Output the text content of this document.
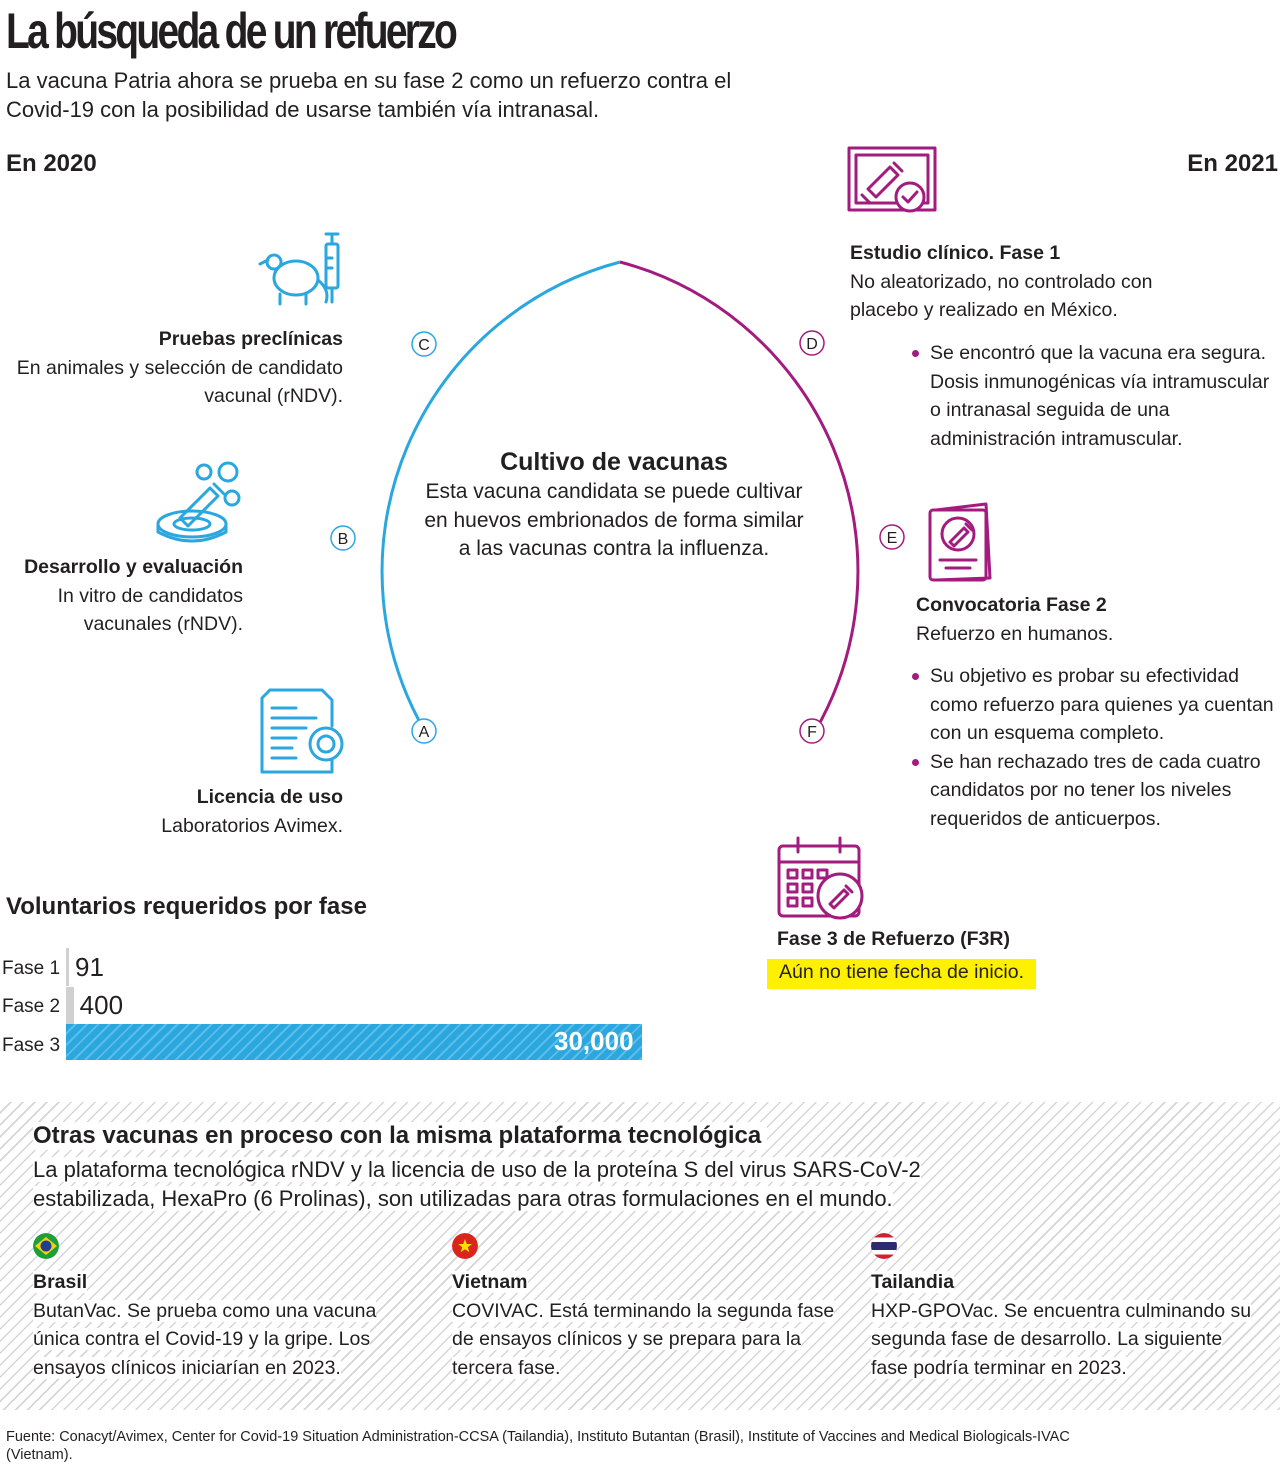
La búsqueda de un refuerzo
La vacuna Patria ahora se prueba en su fase 2 como un refuerzo contra el Covid-19 con la posibilidad de usarse también vía intranasal.
En 2020	En 2021
A
B
C	D
E
F
Cultivo de vacunas
Esta vacuna candidata se puede cultivar en huevos embrionados de forma similar a las vacunas contra la influenza.
Pruebas preclínicas
En animales y selección de candidato vacunal (rNDV).
Desarrollo y evaluación
In vitro de candidatos vacunales (rNDV).
Licencia de uso
Laboratorios Avimex.
Estudio clínico. Fase 1
No aleatorizado, no controlado con placebo y realizado en México.
Se encontró que la vacuna era segura. Dosis inmunogénicas vía intramuscular o intranasal seguida de una administración intramuscular.
Convocatoria Fase 2
Refuerzo en humanos.
Su objetivo es probar su efectividad como refuerzo para quienes ya cuentan con un esquema completo.
Se han rechazado tres de cada cuatro candidatos por no tener los niveles requeridos de anticuerpos.
Fase 3 de Refuerzo (F3R)
Aún no tiene fecha de inicio.
Voluntarios requeridos por fase
Fase 1
Fase 2
Fase 3
91
400
30,000
Otras vacunas en proceso con la misma plataforma tecnológica
La plataforma tecnológica rNDV y la licencia de uso de la proteína S del virus SARS-CoV-2 estabilizada, HexaPro (6 Prolinas), son utilizadas para otras formulaciones en el mundo.
Brasil
ButanVac. Se prueba como una vacuna única contra el Covid-19 y la gripe. Los ensayos clínicos iniciarían en 2023.
Vietnam
COVIVAC. Está terminando la segunda fase de ensayos clínicos y se prepara para la tercera fase.
Tailandia
HXP-GPOVac. Se encuentra culminando su segunda fase de desarrollo. La siguiente fase podría terminar en 2023.
Fuente: Conacyt/Avimex, Center for Covid-19 Situation Administration-CCSA (Tailandia), Instituto Butantan (Brasil), Institute of Vaccines and Medical Biologicals-IVAC (Vietnam).
